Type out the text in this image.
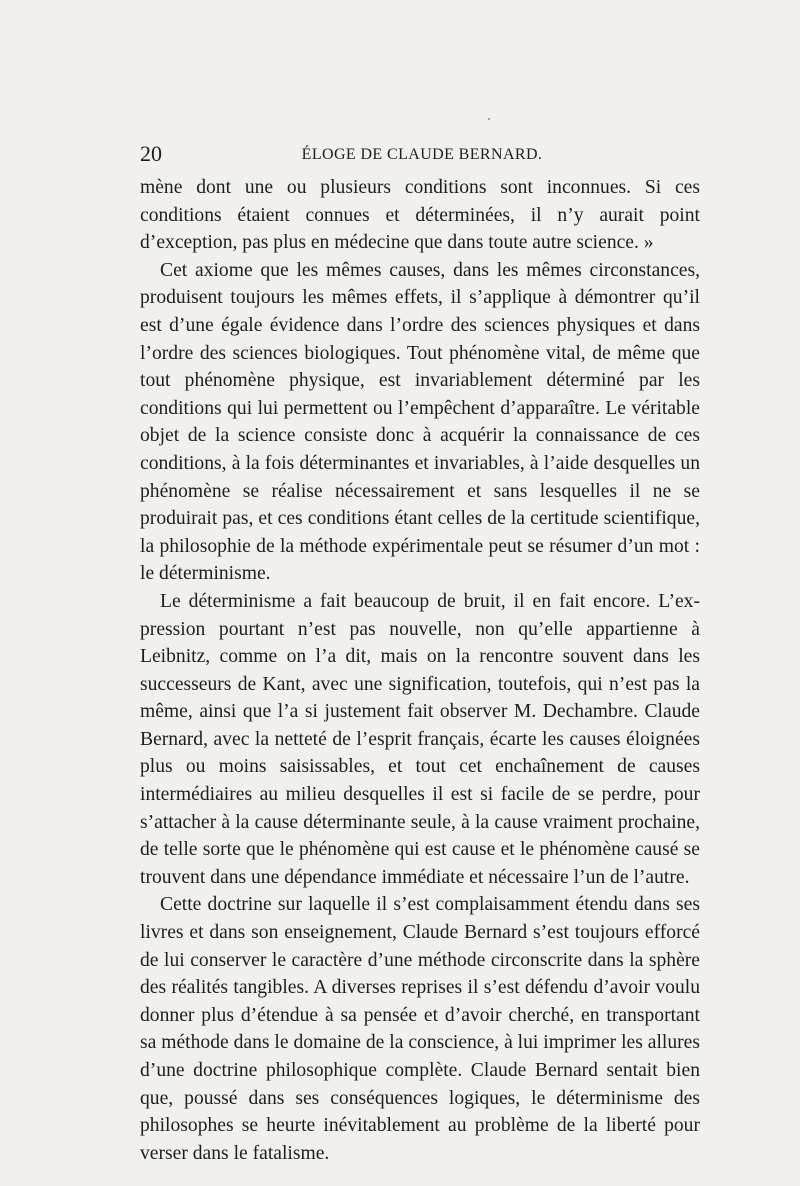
20	ÉLOGE DE CLAUDE BERNARD.

mène dont une ou plusieurs conditions sont inconnues. Si ces conditions étaient connues et déterminées, il n’y aurait point d’exception, pas plus en médecine que dans toute autre science. »

Cet axiome que les mêmes causes, dans les mêmes circonstances, produisent toujours les mêmes effets, il s’applique à démontrer qu’il est d’une égale évidence dans l’ordre des sciences physiques et dans l’ordre des sciences biologiques. Tout phénomène vital, de même que tout phénomène physique, est invariablement déterminé par les conditions qui lui permettent ou l’empêchent d’apparaître. Le véritable objet de la science consiste donc à acquérir la connaissance de ces conditions, à la fois déterminantes et invariables, à l’aide desquelles un phénomène se réalise nécessairement et sans lesquelles il ne se produirait pas, et ces conditions étant celles de la certitude scientifique, la philosophie de la méthode expérimentale peut se résumer d’un mot : le déterminisme.

Le déterminisme a fait beaucoup de bruit, il en fait encore. L’expression pourtant n’est pas nouvelle, non qu’elle appartienne à Leibnitz, comme on l’a dit, mais on la rencontre souvent dans les successeurs de Kant, avec une signification, toutefois, qui n’est pas la même, ainsi que l’a si justement fait observer M. Dechambre. Claude Bernard, avec la netteté de l’esprit français, écarte les causes éloignées plus ou moins saisissables, et tout cet enchaînement de causes intermédiaires au milieu desquelles il est si facile de se perdre, pour s’attacher à la cause déterminante seule, à la cause vraiment prochaine, de telle sorte que le phénomène qui est cause et le phénomène causé se trouvent dans une dépendance immédiate et nécessaire l’un de l’autre.

Cette doctrine sur laquelle il s’est complaisamment étendu dans ses livres et dans son enseignement, Claude Bernard s’est toujours efforcé de lui conserver le caractère d’une méthode circonscrite dans la sphère des réalités tangibles. A diverses reprises il s’est défendu d’avoir voulu donner plus d’étendue à sa pensée et d’avoir cherché, en transportant sa méthode dans le domaine de la conscience, à lui imprimer les allures d’une doctrine philosophique complète. Claude Bernard sentait bien que, poussé dans ses conséquences logiques, le déterminisme des philosophes se heurte inévitablement au problème de la liberté pour verser dans le fatalisme.
